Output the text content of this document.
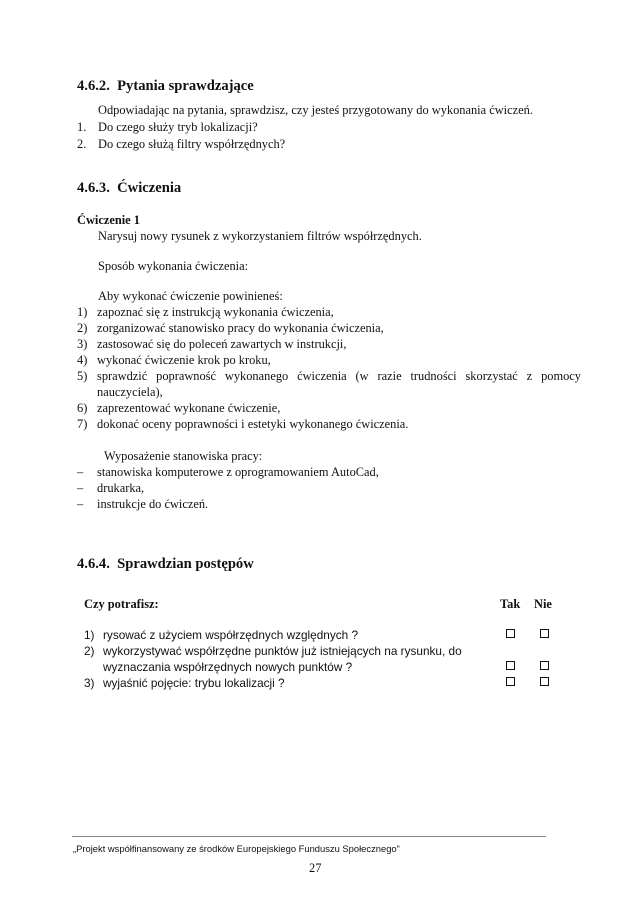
4.6.2.  Pytania sprawdzające
Odpowiadając na pytania, sprawdzisz, czy jesteś przygotowany do wykonania ćwiczeń.
1. Do czego służy tryb lokalizacji?
2. Do czego służą filtry współrzędnych?
4.6.3.  Ćwiczenia
Ćwiczenie 1
Narysuj nowy rysunek z wykorzystaniem filtrów współrzędnych.
Sposób wykonania ćwiczenia:
Aby wykonać ćwiczenie powinieneś:
1) zapoznać się z instrukcją wykonania ćwiczenia,
2) zorganizować stanowisko pracy do wykonania ćwiczenia,
3) zastosować się do poleceń zawartych w instrukcji,
4) wykonać ćwiczenie krok po kroku,
5) sprawdzić poprawność wykonanego ćwiczenia (w razie trudności skorzystać z pomocy
nauczyciela),
6) zaprezentować wykonane ćwiczenie,
7) dokonać oceny poprawności i estetyki wykonanego ćwiczenia.
Wyposażenie stanowiska pracy:
– stanowiska komputerowe z oprogramowaniem AutoCad,
– drukarka,
– instrukcje do ćwiczeń.
4.6.4.  Sprawdzian postępów
Czy potrafisz:	Tak Nie
1) rysować z użyciem współrzędnych względnych ?
2) wykorzystywać współrzędne punktów już istniejących na rysunku, do
wyznaczania współrzędnych nowych punktów ?
3) wyjaśnić pojęcie: trybu lokalizacji ?
„Projekt współfinansowany ze środków Europejskiego Funduszu Społecznego”
27
